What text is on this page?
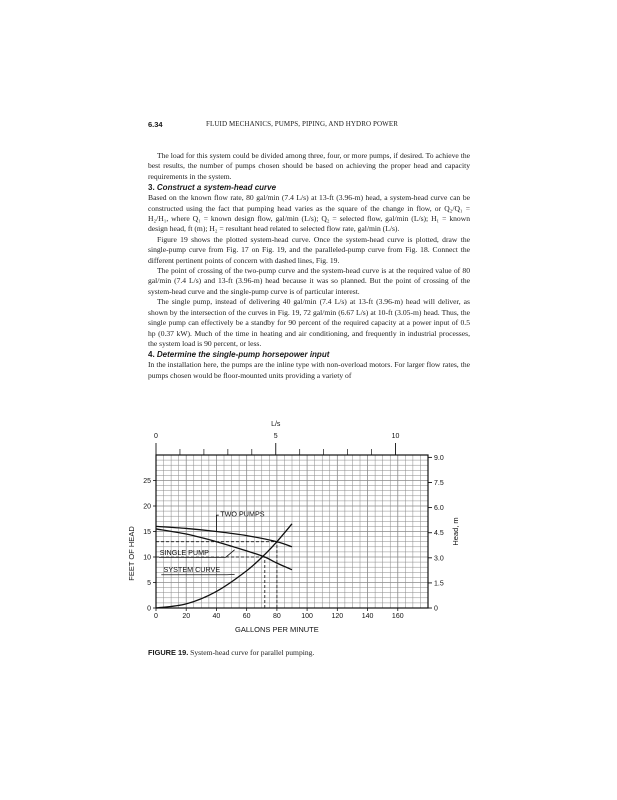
6.34	FLUID MECHANICS, PUMPS, PIPING, AND HYDRO POWER

The load for this system could be divided among three, four, or more pumps, if desired. To achieve the best results, the number of pumps chosen should be based on achieving the proper head and capacity requirements in the system.

3. Construct a system-head curve

Based on the known flow rate, 80 gal/min (7.4 L/s) at 13-ft (3.96-m) head, a system-head curve can be constructed using the fact that pumping head varies as the square of the change in flow, or Q₂/Q₁ = H₂/H₁, where Q₁ = known design flow, gal/min (L/s); Q₂ = selected flow, gal/min (L/s); H₁ = known design head, ft (m); H₂ = resultant head related to selected flow rate, gal/min (L/s).

Figure 19 shows the plotted system-head curve. Once the system-head curve is plotted, draw the single-pump curve from Fig. 17 on Fig. 19, and the paralleled-pump curve from Fig. 18. Connect the different pertinent points of concern with dashed lines, Fig. 19.

The point of crossing of the two-pump curve and the system-head curve is at the required value of 80 gal/min (7.4 L/s) and 13-ft (3.96-m) head because it was so planned. But the point of crossing of the system-head curve and the single-pump curve is of particular interest.

The single pump, instead of delivering 40 gal/min (7.4 L/s) at 13-ft (3.96-m) head will deliver, as shown by the intersection of the curves in Fig. 19, 72 gal/min (6.67 L/s) at 10-ft (3.05-m) head. Thus, the single pump can effectively be a standby for 90 percent of the required capacity at a power input of 0.5 hp (0.37 kW). Much of the time in heating and air conditioning, and frequently in industrial processes, the system load is 90 percent, or less.

4. Determine the single-pump horsepower input

In the installation here, the pumps are the inline type with non-overload motors. For larger flow rates, the pumps chosen would be floor-mounted units providing a variety of

0	20	40	60	80	100	120	140	160
0
5
10
15
20
25
0	5	10
L/s
0
1.5
3.0
4.5
6.0
7.5
9.0
Head, m
FEET OF HEAD
GALLONS PER MINUTE
TWO PUMPS
SINGLE PUMP
SYSTEM CURVE
FIGURE 19. System-head curve for parallel pumping.
